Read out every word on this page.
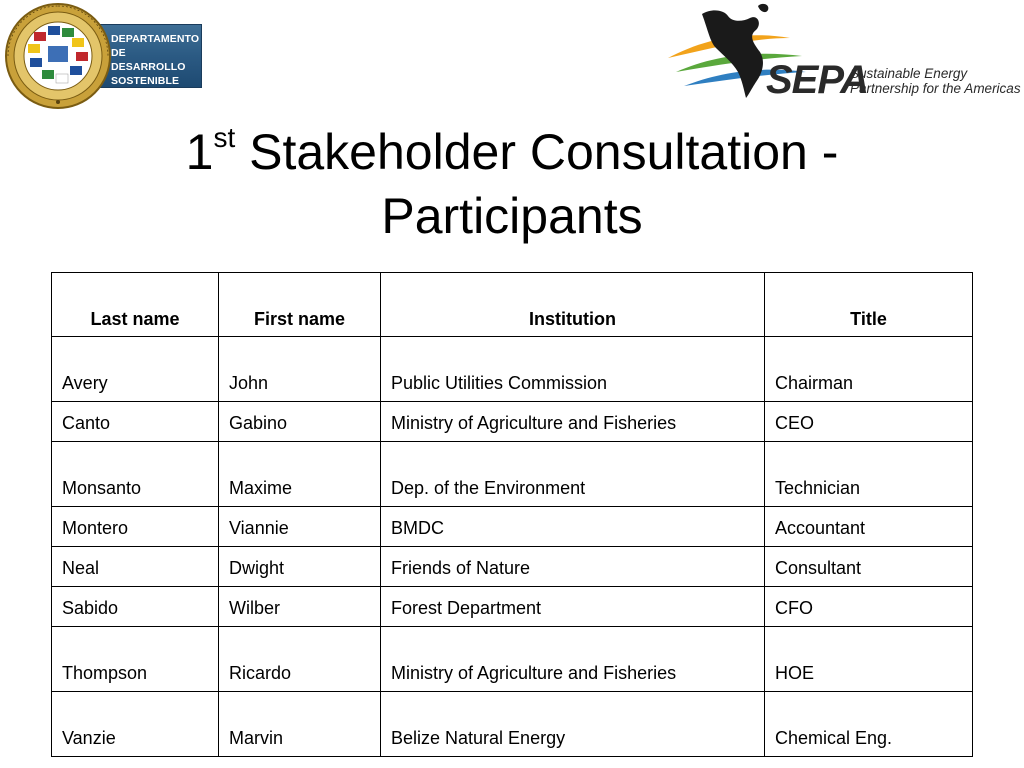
DEPARTAMENTO
DE DESARROLLO
SOSTENIBLE	SEPA
Sustainable Energy
Partnership for the Americas
1st Stakeholder Consultation -
Participants
Last name	First name	Institution	Title
Avery	John	Public Utilities Commission	Chairman
Canto	Gabino	Ministry of Agriculture and Fisheries	CEO
Monsanto	Maxime	Dep. of the Environment	Technician
Montero	Viannie	BMDC	Accountant
Neal	Dwight	Friends of Nature	Consultant
Sabido	Wilber	Forest Department	CFO
Thompson	Ricardo	Ministry of Agriculture and Fisheries	HOE
Vanzie	Marvin	Belize Natural Energy	Chemical Eng.
